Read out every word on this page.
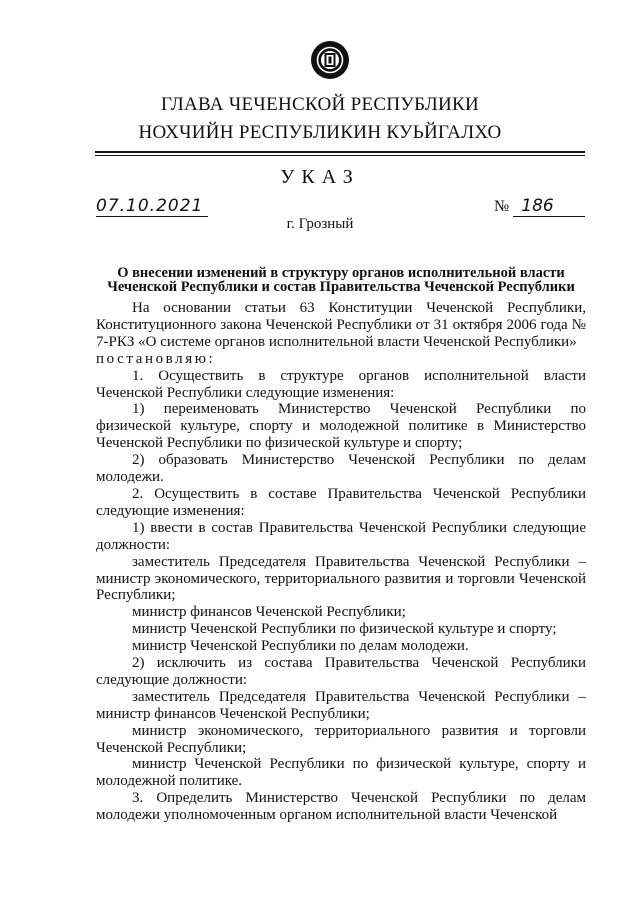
ГЛАВА ЧЕЧЕНСКОЙ РЕСПУБЛИКИ
НОХЧИЙН РЕСПУБЛИКИН КУЬЙГАЛХО
УКАЗ
07.10.2021	№ 186
г. Грозный
О внесении изменений в структуру органов исполнительной власти
Чеченской Республики и состав Правительства Чеченской Республики

На основании статьи 63 Конституции Чеченской Республики, Конституционного закона Чеченской Республики от 31 октября 2006 года № 7-РКЗ «О системе органов исполнительной власти Чеченской Республики»

постановляю:

1. Осуществить в структуре органов исполнительной власти Чеченской Республики следующие изменения:

1) переименовать Министерство Чеченской Республики по физической культуре, спорту и молодежной политике в Министерство Чеченской Республики по физической культуре и спорту;

2) образовать Министерство Чеченской Республики по делам молодежи.

2. Осуществить в составе Правительства Чеченской Республики следующие изменения:

1) ввести в состав Правительства Чеченской Республики следующие должности:

заместитель Председателя Правительства Чеченской Республики – министр экономического, территориального развития и торговли Чеченской Республики;

министр финансов Чеченской Республики;

министр Чеченской Республики по физической культуре и спорту;

министр Чеченской Республики по делам молодежи.

2) исключить из состава Правительства Чеченской Республики следующие должности:

заместитель Председателя Правительства Чеченской Республики – министр финансов Чеченской Республики;

министр экономического, территориального развития и торговли Чеченской Республики;

министр Чеченской Республики по физической культуре, спорту и молодежной политике.

3. Определить Министерство Чеченской Республики по делам молодежи уполномоченным органом исполнительной власти Чеченской
